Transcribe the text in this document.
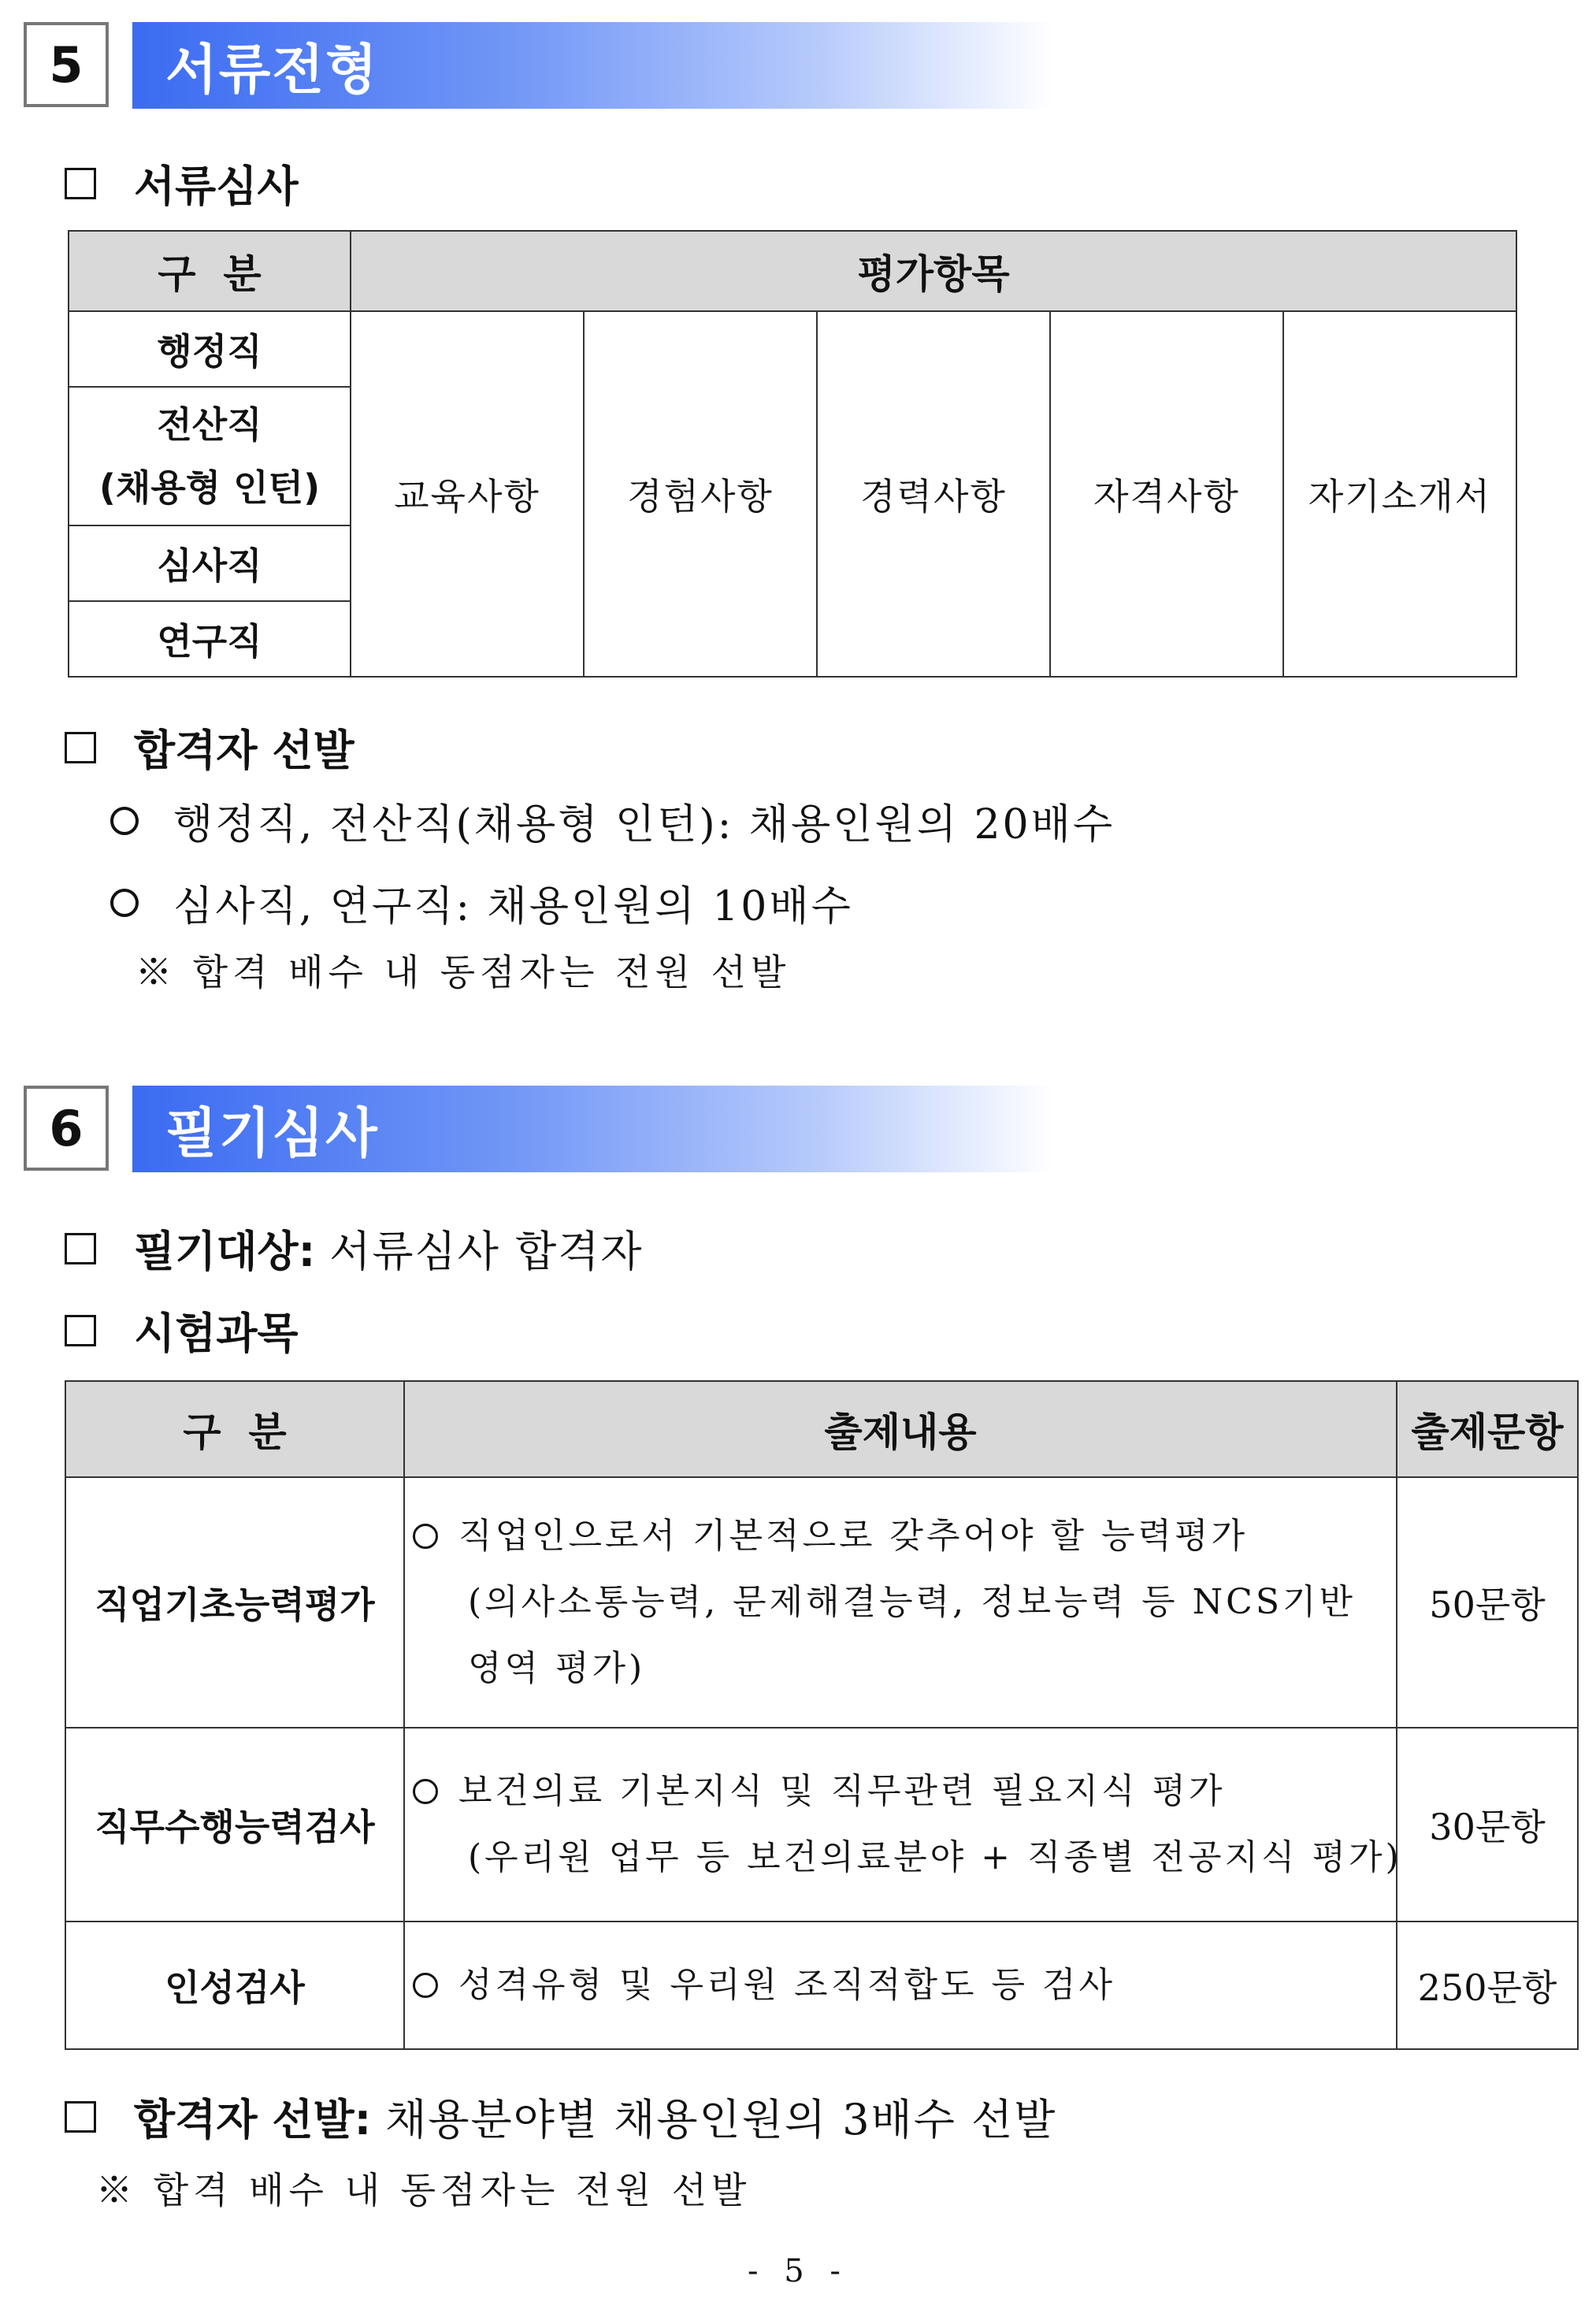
5	서류전형
서류심사
구  분	평가항목				
행정직	교육사항	경험사항	경력사항	자격사항	자기소개서

전산직
(채용형 인턴)					

심사직					
연구직					
합격자 선발
행정직, 전산직(채용형 인턴): 채용인원의 20배수
심사직, 연구직: 채용인원의 10배수
※ 합격 배수 내 동점자는 전원 선발
6	필기심사
필기대상: 서류심사 합격자
시험과목
구  분	출제내용	출제문항
직업기초능력평가	직업인으로서 기본적으로 갖추어야 할 능력평가
(의사소통능력, 문제해결능력, 정보능력 등 NCS기반
영역 평가)	50문항
직무수행능력검사	보건의료 기본지식 및 직무관련 필요지식 평가
(우리원 업무 등 보건의료분야 + 직종별 전공지식 평가)	30문항
인성검사	성격유형 및 우리원 조직적합도 등 검사	250문항
합격자 선발: 채용분야별 채용인원의 3배수 선발
※ 합격 배수 내 동점자는 전원 선발
- 5 -
